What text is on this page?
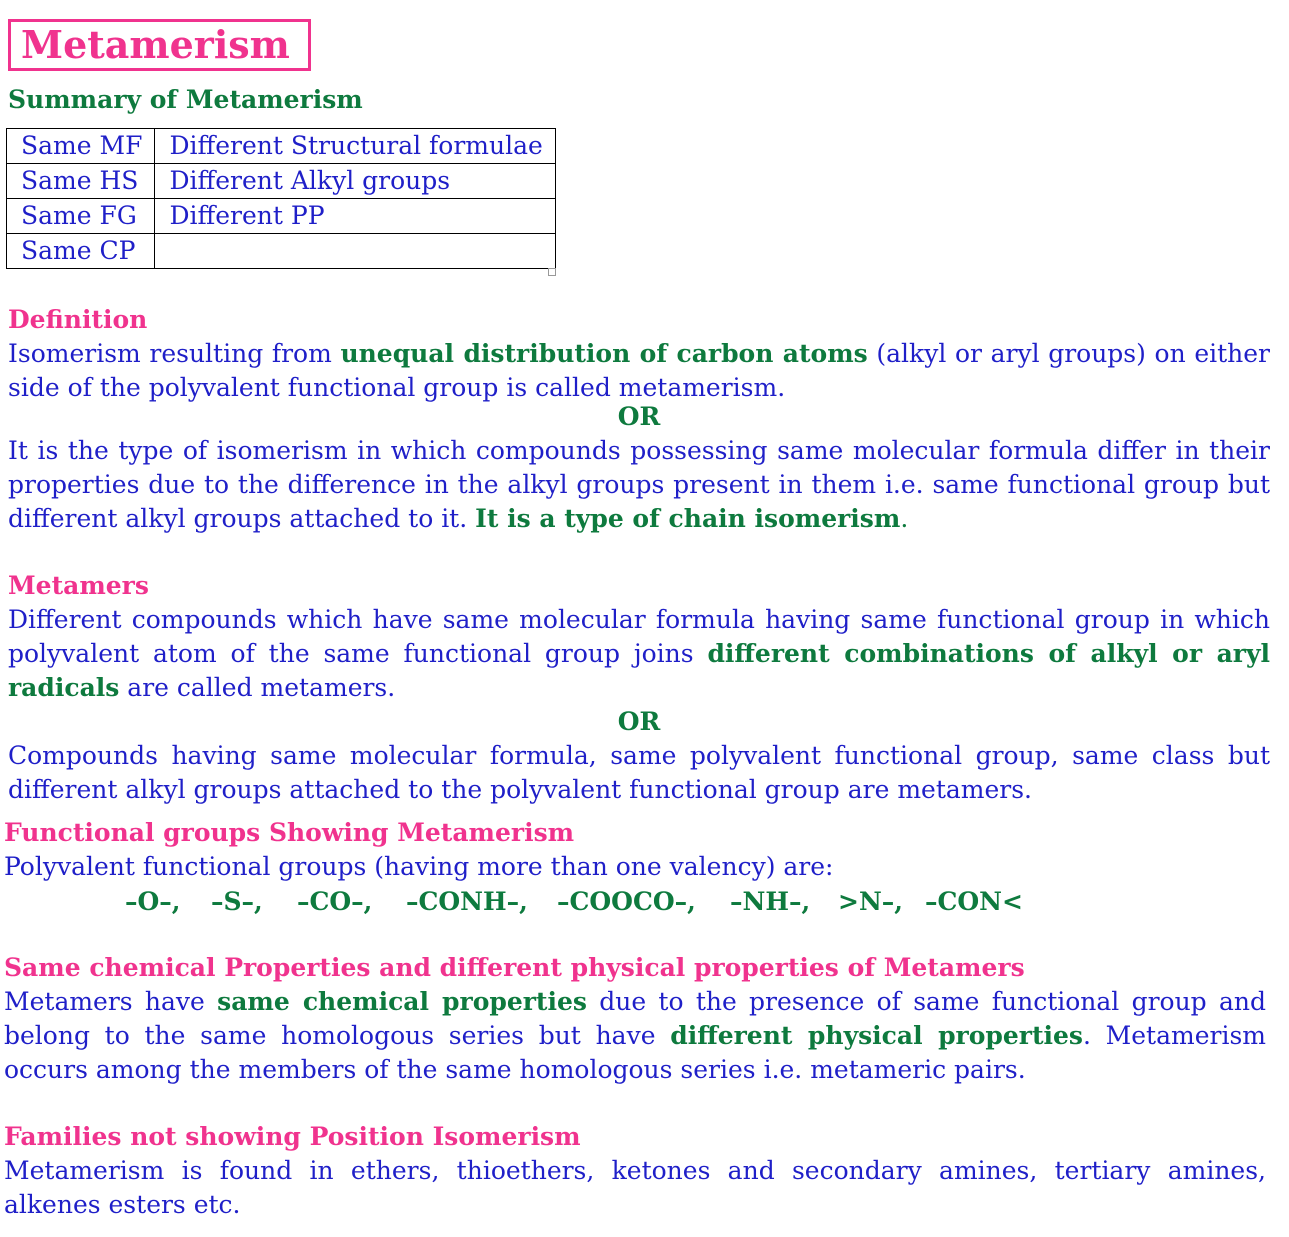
Metamerism
Summary of Metamerism
Same MF	Different Structural formulae
Same HS	Different Alkyl groups
Same FG	Different PP
Same CP	
Definition
Isomerism resulting from unequal distribution of carbon atoms (alkyl or aryl groups) on either side of the polyvalent functional group is called metamerism.
OR
It is the type of isomerism in which compounds possessing same molecular formula differ in their properties due to the difference in the alkyl groups present in them i.e. same functional group but different alkyl groups attached to it. It is a type of chain isomerism.
Metamers
Different compounds which have same molecular formula having same functional group in which polyvalent atom of the same functional group joins different combinations of alkyl or aryl radicals are called metamers.
OR
Compounds having same molecular formula, same polyvalent functional group, same class but different alkyl groups attached to the polyvalent functional group are metamers.
Functional groups Showing Metamerism
Polyvalent functional groups (having more than one valency) are:
–O–, –S–, –CO–, –CONH–, –COOCO–, –NH–, >N–, –CON<
Same chemical Properties and different physical properties of Metamers
Metamers have same chemical properties due to the presence of same functional group and belong to the same homologous series but have different physical properties. Metamerism occurs among the members of the same homologous series i.e. metameric pairs.
Families not showing Position Isomerism
Metamerism is found in ethers, thioethers, ketones and secondary amines, tertiary amines, alkenes esters etc.
